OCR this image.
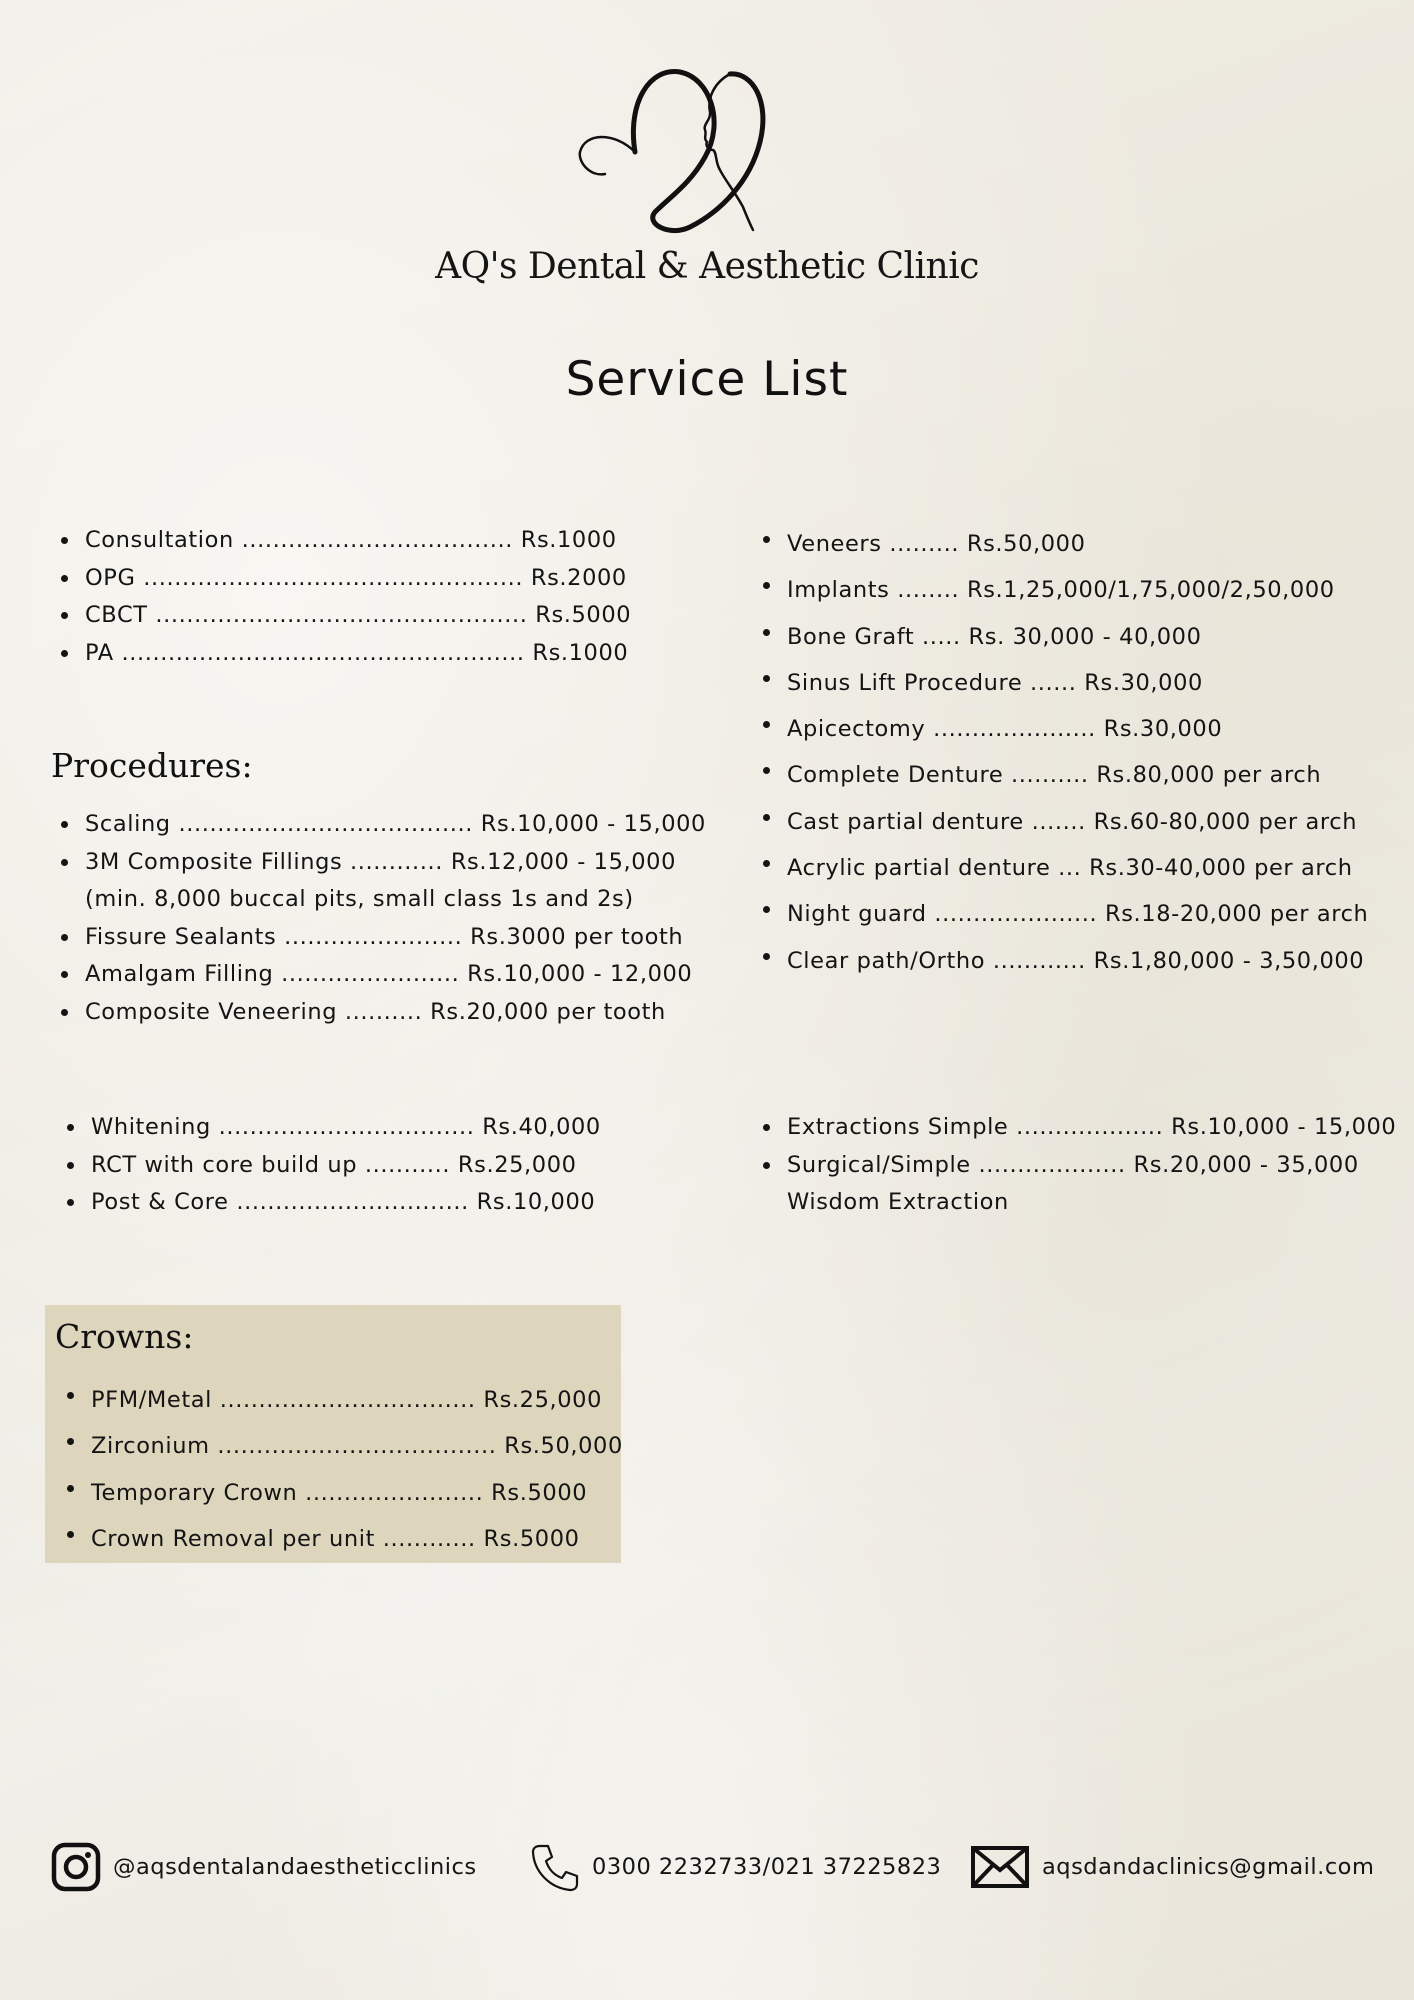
AQ's Dental & Aesthetic Clinic
Service List
Consultation ................................... Rs.1000
OPG ................................................. Rs.2000
CBCT ................................................ Rs.5000
PA .................................................... Rs.1000
Procedures:
Scaling ...................................... Rs.10,000 - 15,000
3M Composite Fillings ............ Rs.12,000 - 15,000
(min. 8,000 buccal pits, small class 1s and 2s)
Fissure Sealants ....................... Rs.3000 per tooth
Amalgam Filling ....................... Rs.10,000 - 12,000
Composite Veneering .......... Rs.20,000 per tooth
Veneers ......... Rs.50,000
Implants ........ Rs.1,25,000/1,75,000/2,50,000
Bone Graft ..... Rs. 30,000 - 40,000
Sinus Lift Procedure ...... Rs.30,000
Apicectomy ..................... Rs.30,000
Complete Denture .......... Rs.80,000 per arch
Cast partial denture ....... Rs.60-80,000 per arch
Acrylic partial denture ... Rs.30-40,000 per arch
Night guard ..................... Rs.18-20,000 per arch
Clear path/Ortho ............ Rs.1,80,000 - 3,50,000
Whitening ................................. Rs.40,000
RCT with core build up ........... Rs.25,000
Post & Core .............................. Rs.10,000
Extractions Simple ................... Rs.10,000 - 15,000
Surgical/Simple ................... Rs.20,000 - 35,000
Wisdom Extraction
Crowns:
PFM/Metal ................................. Rs.25,000
Zirconium .................................... Rs.50,000
Temporary Crown ....................... Rs.5000
Crown Removal per unit ............ Rs.5000
@aqsdentalandaestheticclinics	0300 2232733/021 37225823	aqsdandaclinics@gmail.com
